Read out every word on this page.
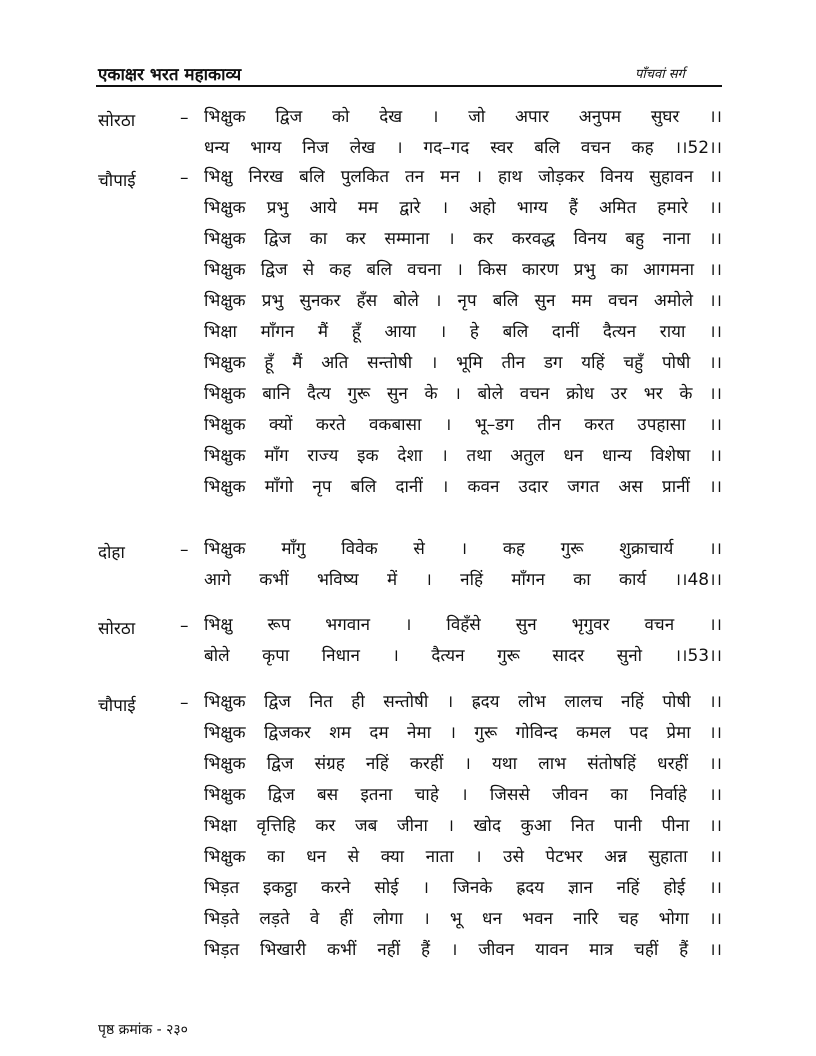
एकाक्षर भरत महाकाव्य	पाँचवां सर्ग
सोरठा	– भिक्षुक द्विज को देख । जो अपार अनुपम सुघर ।।
धन्य भाग्य निज लेख । गद–गद स्वर बलि वचन कह ।।52।।
चौपाई	– भिक्षु निरख बलि पुलकित तन मन । हाथ जोड़कर विनय सुहावन ।।
भिक्षुक प्रभु आये मम द्वारे । अहो भाग्य हैं अमित हमारे ।।
भिक्षुक द्विज का कर सम्माना । कर करवद्ध विनय बहु नाना ।।
भिक्षुक द्विज से कह बलि वचना । किस कारण प्रभु का आगमना ।।
भिक्षुक प्रभु सुनकर हँस बोले । नृप बलि सुन मम वचन अमोले ।।
भिक्षा माँगन मैं हूँ आया । हे बलि दानीं दैत्यन राया ।।
भिक्षुक हूँ मैं अति सन्तोषी । भूमि तीन डग यहिं चहुँ पोषी ।।
भिक्षुक बानि दैत्य गुरू सुन के । बोले वचन क्रोध उर भर के ।।
भिक्षुक क्यों करते वकबासा । भू–डग तीन करत उपहासा ।।
भिक्षुक माँग राज्य इक देशा । तथा अतुल धन धान्य विशेषा ।।
भिक्षुक माँगो नृप बलि दानीं । कवन उदार जगत अस प्रानीं ।।
दोहा	– भिक्षुक माँगु विवेक से । कह गुरू शुक्राचार्य ।।
आगे कभीं भविष्य में । नहिं माँगन का कार्य ।।48।।
सोरठा	– भिक्षु रूप भगवान । विहँसे सुन भृगुवर वचन ।।
बोले कृपा निधान । दैत्यन गुरू सादर सुनो ।।53।।
चौपाई	– भिक्षुक द्विज नित ही सन्तोषी । ह्रदय लोभ लालच नहिं पोषी ।।
भिक्षुक द्विजकर शम दम नेमा । गुरू गोविन्द कमल पद प्रेमा ।।
भिक्षुक द्विज संग्रह नहिं करहीं । यथा लाभ संतोषहिं धरहीं ।।
भिक्षुक द्विज बस इतना चाहे । जिससे जीवन का निर्वाहे ।।
भिक्षा वृत्तिहि कर जब जीना । खोद कुआ नित पानी पीना ।।
भिक्षुक का धन से क्या नाता । उसे पेटभर अन्न सुहाता ।।
भिड़त इकट्ठा करने सोई । जिनके ह्रदय ज्ञान नहिं होई ।।
भिड़ते लड़ते वे हीं लोगा । भू धन भवन नारि चह भोगा ।।
भिड़त भिखारी कभीं नहीं हैं । जीवन यावन मात्र चहीं हैं ।।
पृष्ठ क्रमांक - २३०
